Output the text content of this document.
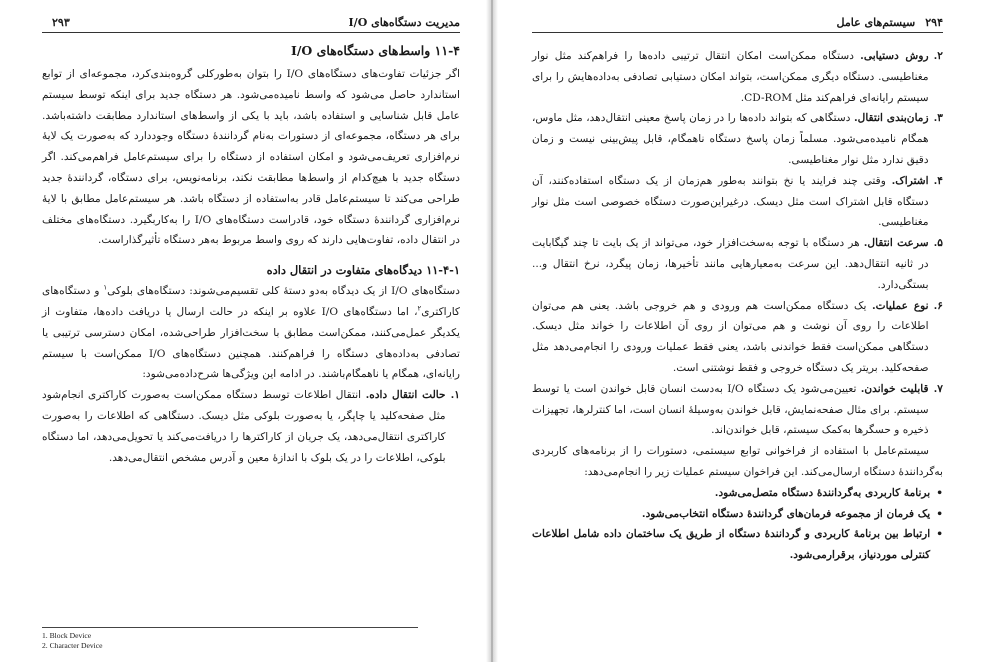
مدیریت دستگاه‌های I/O
۲۹۳
۱۱-۴ واسط‌های دستگاه‌های I/O

اگر جزئیات تفاوت‌های دستگاه‌های I/O را بتوان به‌طورکلی گروه‌بندی‌کرد، مجموعه‌ای از توابع استاندارد حاصل می‌شود که واسط نامیده‌می‌شود. هر دستگاه جدید برای اینکه توسط سیستم عامل قابل شناسایی و استفاده باشد، باید با یکی از واسط‌های استاندارد مطابقت داشته‌باشد. برای هر دستگاه، مجموعه‌ای از دستورات به‌نام گردانندهٔ دستگاه وجوددارد که به‌صورت یک لایهٔ نرم‌افزاری تعریف‌می‌شود و امکان استفاده از دستگاه را برای سیستم‌عامل فراهم‌می‌کند. اگر دستگاه جدید با هیچ‌کدام از واسط‌ها مطابقت نکند، برنامه‌نویس، برای دستگاه، گردانندهٔ جدید طراحی می‌کند تا سیستم‌عامل قادر به‌استفاده از دستگاه باشد. هر سیستم‌عامل مطابق با لایهٔ نرم‌افزاری گردانندهٔ دستگاه خود، قادراست دستگاه‌های I/O را به‌کاربگیرد. دستگاه‌های مختلف در انتقال داده، تفاوت‌هایی دارند که روی واسط مربوط به‌هر دستگاه تأثیرگذاراست.

۱۱-۴-۱ دیدگاه‌های متفاوت در انتقال داده

دستگاه‌های I/O از یک دیدگاه به‌دو دستهٔ کلی تقسیم‌می‌شوند: دستگاه‌های بلوکی$^۱$ و دستگاه‌های کاراکتری$^۲$، اما دستگاه‌های I/O علاوه بر اینکه در حالت ارسال یا دریافت داده‌ها، متفاوت از یکدیگر عمل‌می‌کنند، ممکن‌است مطابق با سخت‌افزار طراحی‌شده، امکان دسترسی ترتیبی یا تصادفی به‌داده‌های دستگاه را فراهم‌کنند. همچنین دستگاه‌های I/O ممکن‌است با سیستم رایانه‌ای، همگام یا ناهمگام‌باشند. در ادامه این ویژگی‌ها شرح‌داده‌می‌شود:

۱.
حالت انتقال داده. انتقال اطلاعات توسط دستگاه ممکن‌است به‌صورت کاراکتری انجام‌شود مثل صفحه‌کلید یا چاپگر، یا به‌صورت بلوکی مثل دیسک. دستگاهی که اطلاعات را به‌صورت کاراکتری انتقال‌می‌دهد، یک جریان از کاراکترها را دریافت‌می‌کند یا تحویل‌می‌دهد، اما دستگاه بلوکی، اطلاعات را در یک بلوک با اندازهٔ معین و آدرس مشخص انتقال‌می‌دهد.
1. Block Device
2. Character Device
۲۹۴
سیستم‌های عامل
۲.
روش دستیابی. دستگاه ممکن‌است امکان انتقال ترتیبی داده‌ها را فراهم‌کند مثل نوار مغناطیسی. دستگاه دیگری ممکن‌است، بتواند امکان دستیابی تصادفی به‌داده‌هایش را برای سیستم رایانه‌ای فراهم‌کند مثل CD-ROM.
۳.
زمان‌بندی انتقال. دستگاهی که بتواند داده‌ها را در زمان پاسخ معینی انتقال‌دهد، مثل ماوس، همگام نامیده‌می‌شود. مسلماً زمان پاسخ دستگاه ناهمگام، قابل پیش‌بینی نیست و زمان دقیق ندارد مثل نوار مغناطیسی.
۴.
اشتراک. وقتی چند فرایند یا نخ بتوانند به‌طور هم‌زمان از یک دستگاه استفاده‌کنند، آن دستگاه قابل اشتراک است مثل دیسک. درغیراین‌صورت دستگاه خصوصی است مثل نوار مغناطیسی.
۵.
سرعت انتقال. هر دستگاه با توجه به‌سخت‌افزار خود، می‌تواند از یک بایت تا چند گیگابایت در ثانیه انتقال‌دهد. این سرعت به‌معیارهایی مانند تأخیرها، زمان پیگرد، نرخ انتقال و... بستگی‌دارد.
۶.
نوع عملیات. یک دستگاه ممکن‌است هم ورودی و هم خروجی باشد. یعنی هم می‌توان اطلاعات را روی آن نوشت و هم می‌توان از روی آن اطلاعات را خواند مثل دیسک. دستگاهی ممکن‌است فقط خواندنی باشد، یعنی فقط عملیات ورودی را انجام‌می‌دهد مثل صفحه‌کلید. بریتر یک دستگاه خروجی و فقط نوشتنی است.
۷.
قابلیت خواندن. تعیین‌می‌شود یک دستگاه I/O به‌دست انسان قابل خواندن است یا توسط سیستم. برای مثال صفحه‌نمایش، قابل خواندن به‌وسیلهٔ انسان است، اما کنترلرها، تجهیزات ذخیره و حسگرها به‌کمک سیستم، قابل خواندن‌اند.

سیستم‌عامل با استفاده از فراخوانی توابع سیستمی، دستورات را از برنامه‌های کاربردی به‌گردانندهٔ دستگاه ارسال‌می‌کند. این فراخوان سیستم عملیات زیر را انجام‌می‌دهد:

•
برنامهٔ کاربردی به‌گردانندهٔ دستگاه متصل‌می‌شود.
•
یک فرمان از مجموعه فرمان‌های گردانندهٔ دستگاه انتخاب‌می‌شود.
•
ارتباط بین برنامهٔ کاربردی و گردانندهٔ دستگاه از طریق یک ساختمان داده شامل اطلاعات کنترلی موردنیاز، برقرارمی‌شود.
